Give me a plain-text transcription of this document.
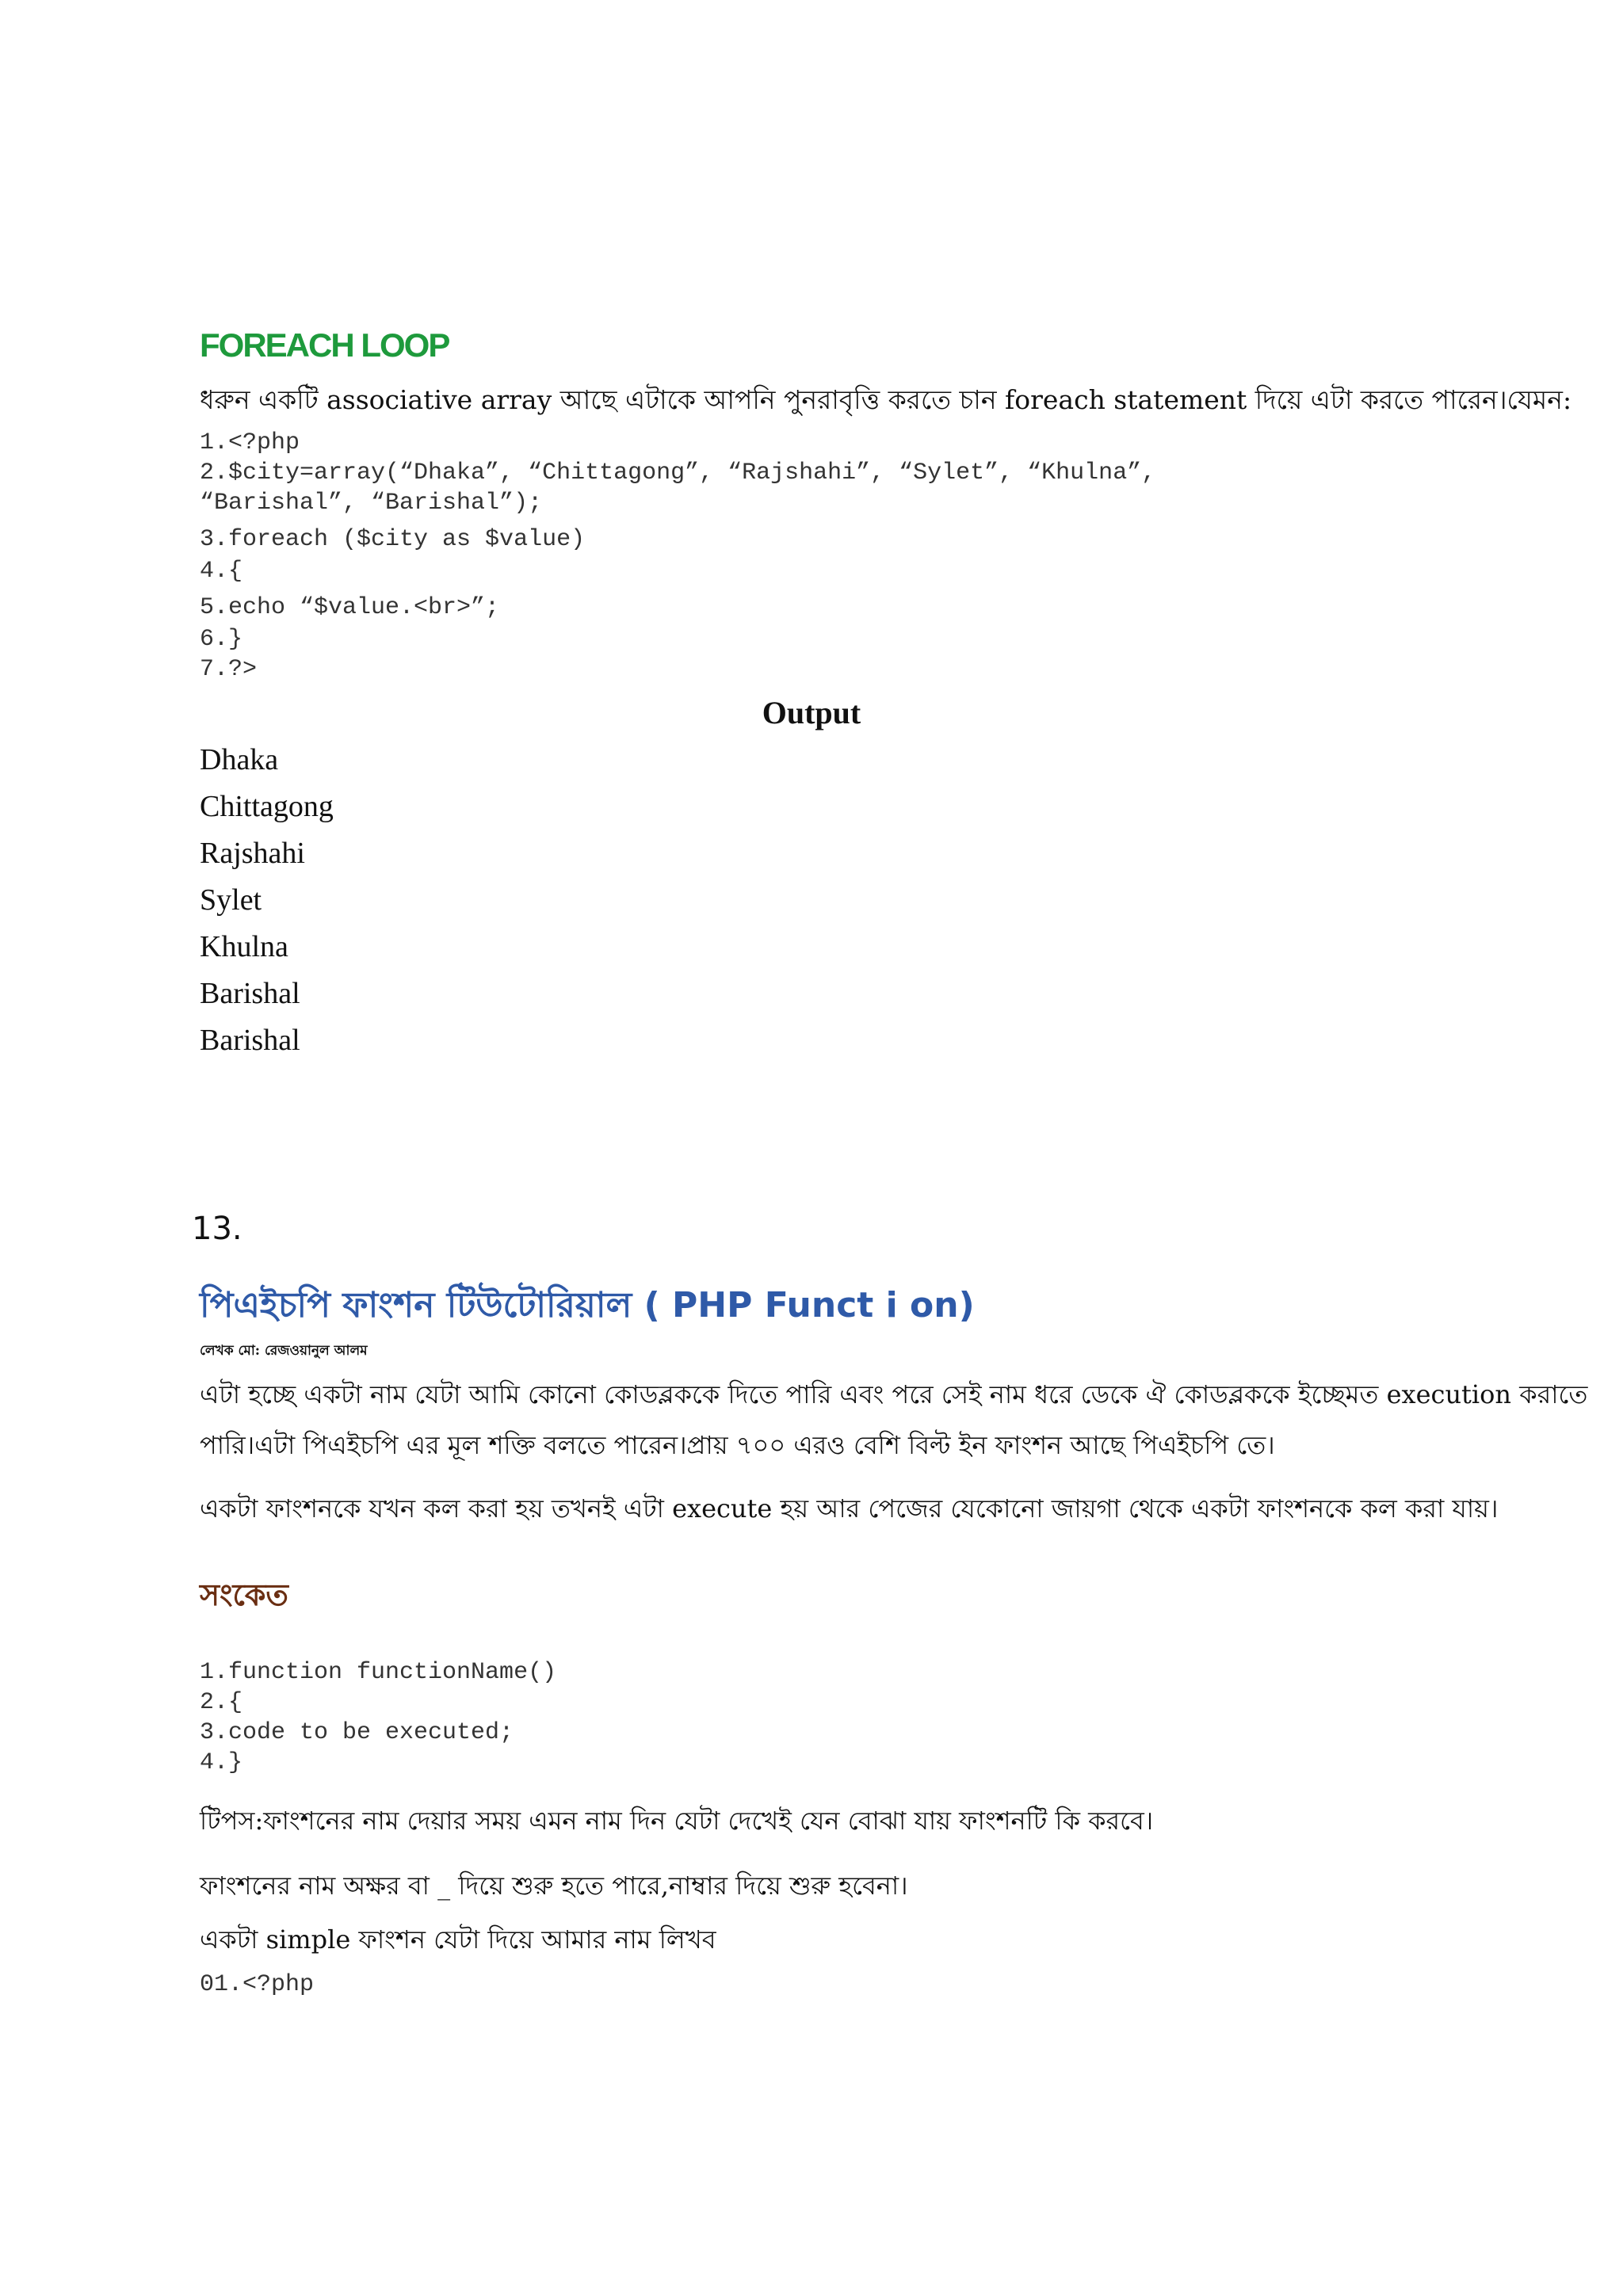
FOREACH LOOP

ধরুন একটি associative array আছে এটাকে আপনি পুনরাবৃত্তি করতে চান foreach statement দিয়ে এটা করতে পারেন।যেমন:

1.<?php

2.$city=array(“Dhaka”, “Chittagong”, “Rajshahi”, “Sylet”, “Khulna”,

“Barishal”, “Barishal”);

3.foreach ($city as $value)

4.{

5.echo “$value.<br>”;

6.}

7.?>

Output

Dhaka
Chittagong
Rajshahi
Sylet
Khulna
Barishal
Barishal

13.

পিএইচপি ফাংশন টিউটোরিয়াল ( PHP Funct i on)

লেখক মো: রেজওয়ানুল আলম

এটা হচ্ছে একটা নাম যেটা আমি কোনো কোডব্লককে দিতে পারি এবং পরে সেই নাম ধরে ডেকে ঐ কোডব্লককে ইচ্ছেমত execution করাতে

পারি।এটা পিএইচপি এর মূল শক্তি বলতে পারেন।প্রায় ৭০০ এরও বেশি বিল্ট ইন ফাংশন আছে পিএইচপি তে।

একটা ফাংশনকে যখন কল করা হয় তখনই এটা execute হয় আর পেজের যেকোনো জায়গা থেকে একটা ফাংশনকে কল করা যায়।

সংকেত

1.function functionName()

2.{

3.code to be executed;

4.}

টিপস:ফাংশনের নাম দেয়ার সময় এমন নাম দিন যেটা দেখেই যেন বোঝা যায় ফাংশনটি কি করবে।

ফাংশনের নাম অক্ষর বা _ দিয়ে শুরু হতে পারে,নাম্বার দিয়ে শুরু হবেনা।

একটা simple ফাংশন যেটা দিয়ে আমার নাম লিখব

01.<?php
